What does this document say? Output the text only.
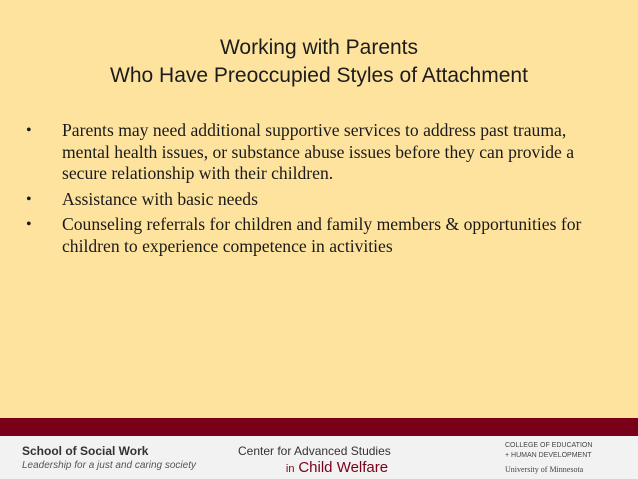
Working with Parents
Who Have Preoccupied Styles of Attachment
• Parents may need additional supportive services to address past trauma, mental health issues, or substance abuse issues before they can provide a secure relationship with their children.
• Assistance with basic needs
• Counseling referrals for children and family members & opportunities for children to experience competence in activities
School of Social Work
Leadership for a just and caring society
Center for Advanced Studies
in Child Welfare
COLLEGE OF EDUCATION
+ HUMAN DEVELOPMENT
University of Minnesota
